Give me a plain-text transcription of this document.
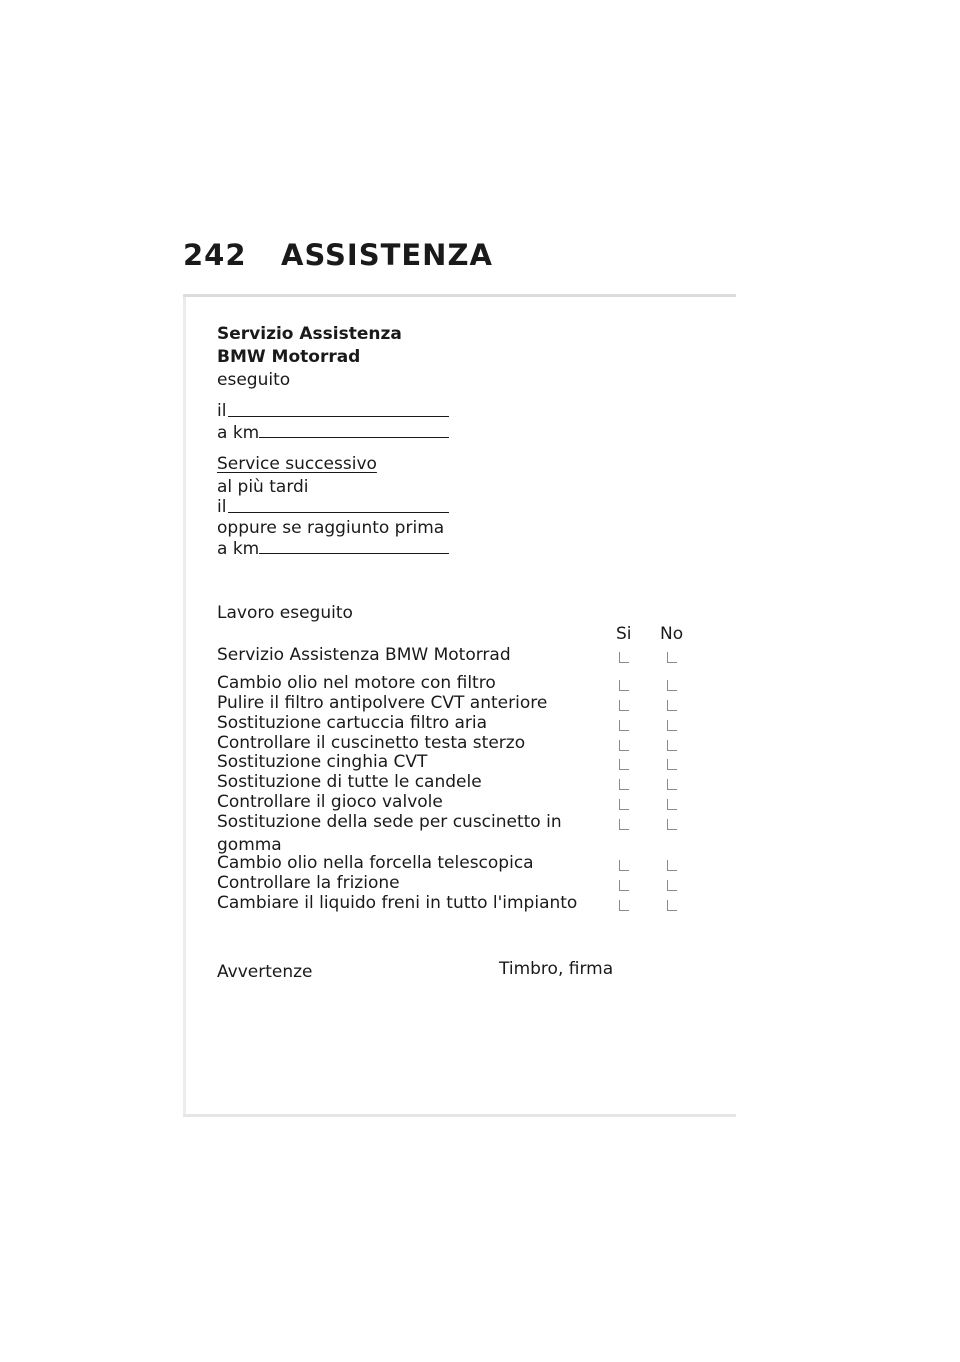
242 ASSISTENZA
Servizio Assistenza
BMW Motorrad
eseguito
il
a km
Service successivo
al più tardi
il
oppure se raggiunto prima
a km
Lavoro eseguito
Si No
Servizio Assistenza BMW Motorrad
Cambio olio nel motore con filtro
Pulire il filtro antipolvere CVT anteriore
Sostituzione cartuccia filtro aria
Controllare il cuscinetto testa sterzo
Sostituzione cinghia CVT
Sostituzione di tutte le candele
Controllare il gioco valvole
Sostituzione della sede per cuscinetto in
gomma
Cambio olio nella forcella telescopica
Controllare la frizione
Cambiare il liquido freni in tutto l'impianto
Avvertenze	Timbro, firma
